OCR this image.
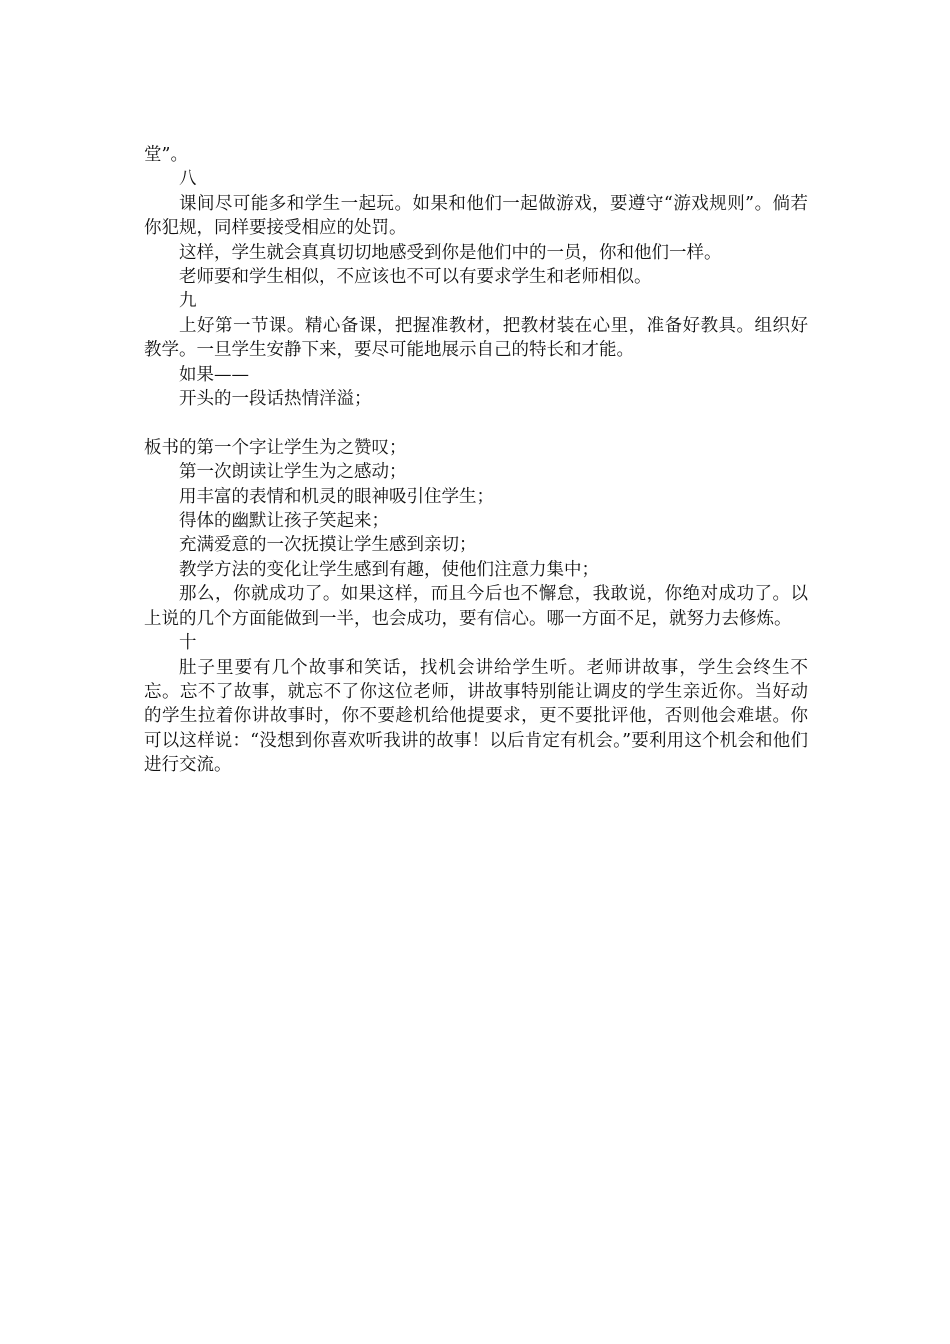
堂”。

八

课间尽可能多和学生一起玩。如果和他们一起做游戏，要遵守“游戏规则”。倘若你犯规，同样要接受相应的处罚。

这样，学生就会真真切切地感受到你是他们中的一员，你和他们一样。

老师要和学生相似，不应该也不可以有要求学生和老师相似。

九

上好第一节课。精心备课，把握准教材，把教材装在心里，准备好教具。组织好教学。一旦学生安静下来，要尽可能地展示自己的特长和才能。

如果——

开头的一段话热情洋溢；

板书的第一个字让学生为之赞叹；

第一次朗读让学生为之感动；

用丰富的表情和机灵的眼神吸引住学生；

得体的幽默让孩子笑起来；

充满爱意的一次抚摸让学生感到亲切；

教学方法的变化让学生感到有趣，使他们注意力集中；

那么，你就成功了。如果这样，而且今后也不懈怠，我敢说，你绝对成功了。以上说的几个方面能做到一半，也会成功，要有信心。哪一方面不足，就努力去修炼。

十

肚子里要有几个故事和笑话，找机会讲给学生听。老师讲故事，学生会终生不忘。忘不了故事，就忘不了你这位老师，讲故事特别能让调皮的学生亲近你。当好动的学生拉着你讲故事时，你不要趁机给他提要求，更不要批评他，否则他会难堪。你可以这样说：“没想到你喜欢听我讲的故事！以后肯定有机会。”要利用这个机会和他们进行交流。
